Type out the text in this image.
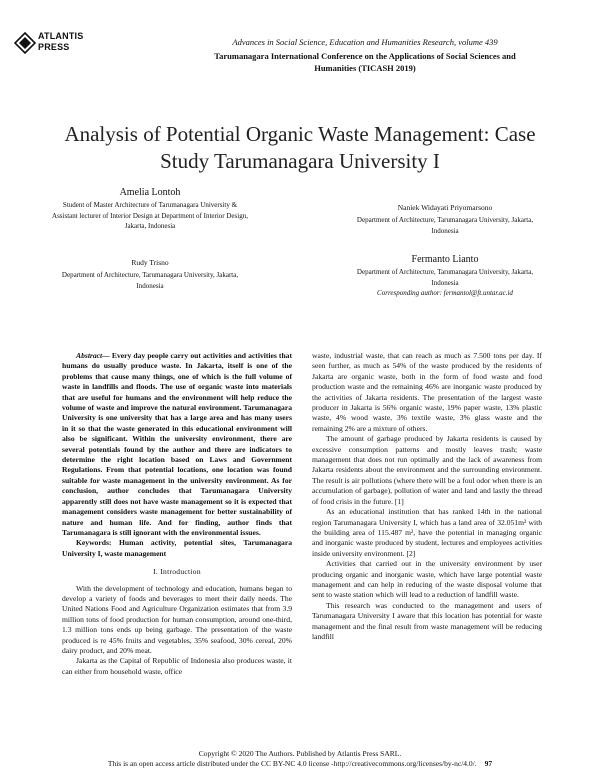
ATLANTIS
PRESS	Advances in Social Science, Education and Humanities Research, volume 439
Tarumanagara International Conference on the Applications of Social Sciences and Humanities (TICASH 2019)
Analysis of Potential Organic Waste Management: Case Study Tarumanagara University I
Amelia Lontoh
Student of Master Architecture of Tarumanagara University & Assistant lecturer of Interior Design at Department of Interior Design, Jakarta, Indonesia
Rudy Trisno
Department of Architecture, Tarumanagara University, Jakarta, Indonesia
Naniek Widayati Priyomarsono
Department of Architecture, Tarumanagara University, Jakarta, Indonesia
Fermanto Lianto
Department of Architecture, Tarumanagara University, Jakarta, Indonesia
Corresponding author: fermantol@ft.untar.ac.id

Abstract— Every day people carry out activities and activities that humans do usually produce waste. In Jakarta, itself is one of the problems that cause many things, one of which is the full volume of waste in landfills and floods. The use of organic waste into materials that are useful for humans and the environment will help reduce the volume of waste and improve the natural environment. Tarumanagara University is one university that has a large area and has many users in it so that the waste generated in this educational environment will also be significant. Within the university environment, there are several potentials found by the author and there are indicators to determine the right location based on Laws and Government Regulations. From that potential locations, one location was found suitable for waste management in the university environment. As for conclusion, author concludes that Tarumanagara University apparently still does not have waste management so it is expected that management considers waste management for better sustainability of nature and human life. And for finding, author finds that Tarumanagara is still ignorant with the environmental issues.

Keywords: Human activity, potential sites, Tarumanagara University I, waste management

I. Introduction

With the development of technology and education, humans began to develop a variety of foods and beverages to meet their daily needs. The United Nations Food and Agriculture Organization estimates that from 3.9 million tons of food production for human consumption, around one-third, 1.3 million tons ends up being garbage. The presentation of the waste produced is re 45% fruits and vegetables, 35% seafood, 30% cereal, 20% dairy product, and 20% meat.

Jakarta as the Capital of Republic of Indonesia also produces waste, it can either from household waste, office

waste, industrial waste, that can reach as much as 7.500 tons per day. If seen further, as much as 54% of the waste produced by the residents of Jakarta are organic waste, both in the form of food waste and food production waste and the remaining 46% are inorganic waste produced by the activities of Jakarta residents. The presentation of the largest waste producer in Jakarta is 56% organic waste, 19% paper waste, 13% plastic waste, 4% wood waste, 3% textile waste, 3% glass waste and the remaining 2% are a mixture of others.

The amount of garbage produced by Jakarta residents is caused by excessive consumption patterns and mostly leaves trash; waste management that does not run optimally and the lack of awareness from Jakarta residents about the environment and the surrounding environment. The result is air pollutions (where there will be a foul odor when there is an accumulation of garbage), pollution of water and land and lastly the thread of food crisis in the future. [1]

As an educational institution that has ranked 14th in the national region Tarumanagara University I, which has a land area of 32.051m² with the building area of 115.487 m², have the potential in managing organic and inorganic waste produced by student, lectures and employees activities inside university environment. [2]

Activities that carried out in the university environment by user producing organic and inorganic waste, which have large potential waste management and can help in reducing of the waste disposal volume that sent to waste station which will lead to a reduction of landfill waste.

This research was conducted to the management and users of Tarumanagara University I aware that this location has potential for waste management and the final result from waste management will be reducing landfill

Copyright © 2020 The Authors. Published by Atlantis Press SARL.
This is an open access article distributed under the CC BY-NC 4.0 license -http://creativecommons.org/licenses/by-nc/4.0/. 97
